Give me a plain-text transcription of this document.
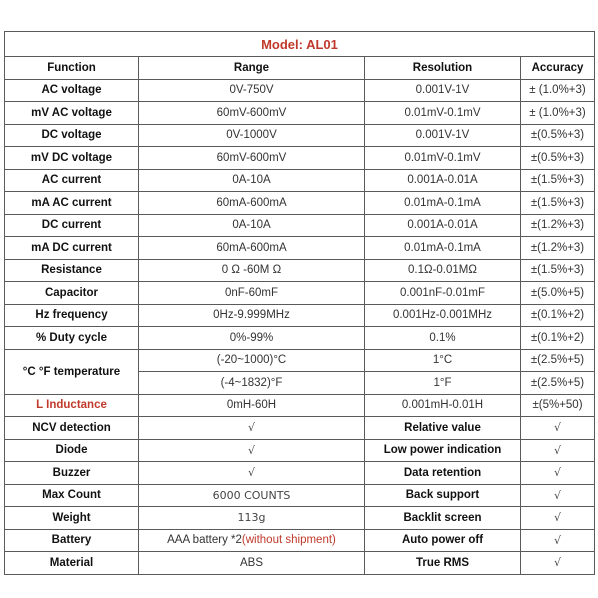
Model: AL01			
Function	Range	Resolution	Accuracy
AC voltage	0V-750V	0.001V-1V	± (1.0%+3)
mV AC voltage	60mV-600mV	0.01mV-0.1mV	± (1.0%+3)
DC voltage	0V-1000V	0.001V-1V	±(0.5%+3)
mV DC voltage	60mV-600mV	0.01mV-0.1mV	±(0.5%+3)
AC current	0A-10A	0.001A-0.01A	±(1.5%+3)
mA AC current	60mA-600mA	0.01mA-0.1mA	±(1.5%+3)
DC current	0A-10A	0.001A-0.01A	±(1.2%+3)
mA DC current	60mA-600mA	0.01mA-0.1mA	±(1.2%+3)
Resistance	0 Ω -60M Ω	0.1Ω-0.01MΩ	±(1.5%+3)
Capacitor	0nF-60mF	0.001nF-0.01mF	±(5.0%+5)
Hz frequency	0Hz-9.999MHz	0.001Hz-0.001MHz	±(0.1%+2)
% Duty cycle	0%-99%	0.1%	±(0.1%+2)
°C °F temperature	(-20~1000)°C	1°C	±(2.5%+5)
	(-4~1832)°F	1°F	±(2.5%+5)
L Inductance	0mH-60H	0.001mH-0.01H	±(5%+50)
NCV detection	√	Relative value	√
Diode	√	Low power indication	√
Buzzer	√	Data retention	√
Max Count	6000 COUNTS	Back support	√
Weight	113g	Backlit screen	√
Battery	AAA battery *2(without shipment)	Auto power off	√
Material	ABS	True RMS	√
